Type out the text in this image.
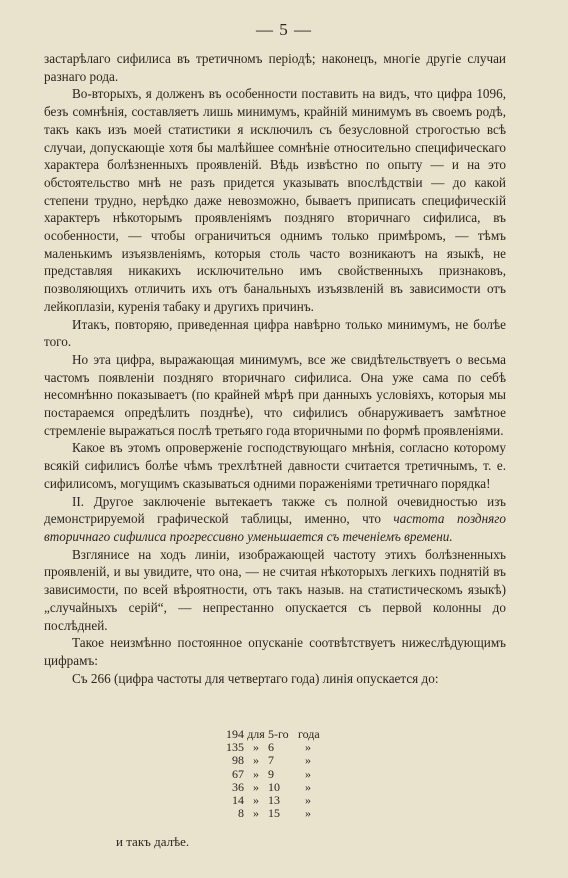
— 5 —

застарѣлаго сифилиса въ третичномъ періодѣ; наконецъ, многіе другіе случаи разнаго рода.

Во-вторыхъ, я долженъ въ особенности поставить на видъ, что цифра 1096, безъ сомнѣнія, составляетъ лишь минимумъ, крайній минимумъ въ своемъ родѣ, такъ какъ изъ моей статистики я исключилъ съ безусловной строгостью всѣ случаи, допускающіе хотя бы малѣйшее сомнѣніе относительно специфическаго характера болѣзненныхъ проявленій. Вѣдь извѣстно по опыту — и на это обстоятельство мнѣ не разъ придется указывать впослѣдствіи — до какой степени трудно, нерѣдко даже невозможно, бываетъ приписать специфическій характеръ нѣкоторымъ проявленіямъ поздняго вторичнаго сифилиса, въ особенности, — чтобы ограничиться однимъ только примѣромъ, — тѣмъ маленькимъ изъязвленіямъ, которыя столь часто возникаютъ на языкѣ, не представляя никакихъ исключительно имъ свойственныхъ признаковъ, позволяющихъ отличить ихъ отъ банальныхъ изъязвленій въ зависимости отъ лейкоплазіи, куренія табаку и другихъ причинъ.

Итакъ, повторяю, приведенная цифра навѣрно только минимумъ, не болѣе того.

Но эта цифра, выражающая минимумъ, все же свидѣтельствуетъ о весьма частомъ появленіи поздняго вторичнаго сифилиса. Она уже сама по себѣ несомнѣнно показываетъ (по крайней мѣрѣ при данныхъ условіяхъ, которыя мы постараемся опредѣлить позднѣе), что сифилисъ обнаруживаетъ замѣтное стремленіе выражаться послѣ третьяго года вторичными по формѣ проявленіями.

Какое въ этомъ опроверженіе господствующаго мнѣнія, согласно которому всякій сифилисъ болѣе чѣмъ трехлѣтней давности считается третичнымъ, т. е. сифилисомъ, могущимъ сказываться одними пораженіями третичнаго порядка!

II. Другое заключеніе вытекаетъ также съ полной очевидностью изъ демонстрируемой графической таблицы, именно, что частота поздняго вторичнаго сифилиса прогрессивно уменьшается съ теченіемъ времени.

Взглянисе на ходъ линіи, изображающей частоту этихъ болѣзненныхъ проявленій, и вы увидите, что она, — не считая нѣкоторыхъ легкихъ поднятій въ зависимости, по всей вѣроятности, отъ такъ назыв. на статистическомъ языкѣ) „случайныхъ серій“, — непрестанно опускается съ первой колонны до послѣдней.

Такое неизмѣнно постоянное опусканіе соотвѣтствуетъ нижеслѣдующимъ цифрамъ:

Съ 266 (цифра частоты для четвертаго года) линія опускается до:

194 для 5-го года
135 » 6	»
98 » 7	»
67 » 9	»
36 » 10	»
14 » 13	»
8 » 15	»
и такъ далѣе.
